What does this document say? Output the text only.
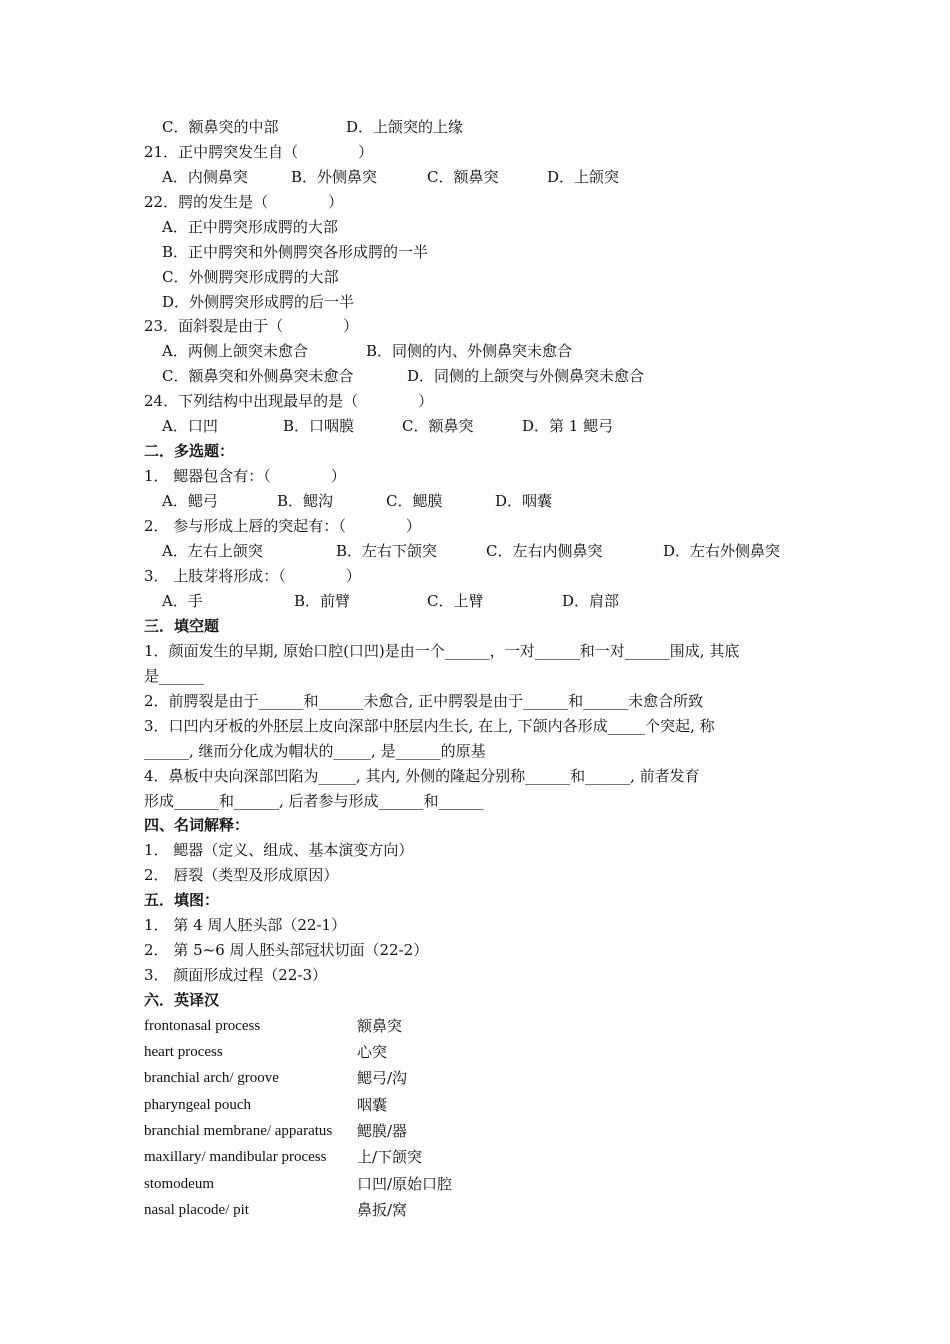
C．额鼻突的中部	D．上颌突的上缘
21．正中腭突发生自（　　　　）
A．内侧鼻突	B．外侧鼻突	C．额鼻突	D．上颌突
22．腭的发生是（　　　　）
A．正中腭突形成腭的大部
B．正中腭突和外侧腭突各形成腭的一半
C．外侧腭突形成腭的大部
D．外侧腭突形成腭的后一半
23．面斜裂是由于（　　　　）
A．两侧上颌突未愈合	B．同侧的内、外侧鼻突未愈合
C．额鼻突和外侧鼻突未愈合	D．同侧的上颌突与外侧鼻突未愈合
24．下列结构中出现最早的是（　　　　）
A．口凹	B．口咽膜	C．额鼻突	D．第 1 鳃弓
二．多选题：
1． 鳃器包含有：（　　　　）
A．鳃弓	B．鳃沟	C．鳃膜	D．咽囊
2． 参与形成上唇的突起有：（　　　　）
A．左右上颌突	B．左右下颌突	C．左右内侧鼻突	D．左右外侧鼻突
3． 上肢芽将形成：（　　　　）
A．手	B．前臂	C．上臂	D．肩部
三．填空题
1．颜面发生的早期, 原始口腔(口凹)是由一个______，一对______和一对______围成, 其底
是______
2．前腭裂是由于______和______未愈合, 正中腭裂是由于______和______未愈合所致
3．口凹内牙板的外胚层上皮向深部中胚层内生长, 在上, 下颌内各形成_____个突起, 称
______, 继而分化成为帽状的_____, 是______的原基
4．鼻板中央向深部凹陷为_____, 其内, 外侧的隆起分别称______和______, 前者发育
形成______和______, 后者参与形成______和______
四、名词解释：
1． 鳃器（定义、组成、基本演变方向）
2． 唇裂（类型及形成原因）
五．填图：
1． 第 4 周人胚头部（22-1）
2． 第 5~6 周人胚头部冠状切面（22-2）
3． 颜面形成过程（22-3）
六．英译汉
frontonasal process	额鼻突
heart process	心突
branchial arch/ groove	鳃弓/沟
pharyngeal pouch	咽囊
branchial membrane/ apparatus 鳃膜/器
maxillary/ mandibular process 上/下颌突
stomodeum	口凹/原始口腔
nasal placode/ pit	鼻扳/窝
